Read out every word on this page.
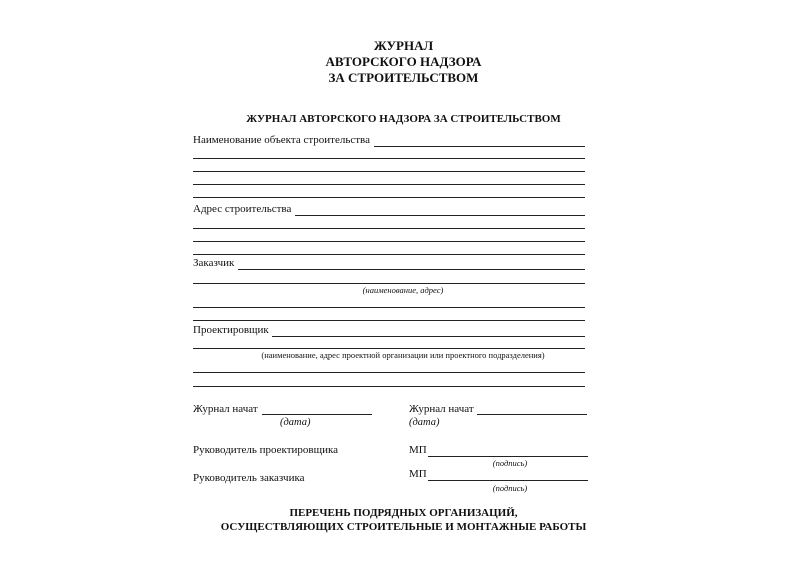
ЖУРНАЛ
АВТОРСКОГО НАДЗОРА
ЗА СТРОИТЕЛЬСТВОМ
ЖУРНАЛ АВТОРСКОГО НАДЗОРА ЗА СТРОИТЕЛЬСТВОМ
Наименование объекта строительства
Адрес строительства
Заказчик
(наименование, адрес)
Проектировщик
(наименование, адрес проектной организации или проектного подразделения)
Журнал начат
(дата)
Журнал начат
(дата)
Руководитель проектировщика	МП
(подпись)
Руководитель заказчика	МП
(подпись)
ПЕРЕЧЕНЬ ПОДРЯДНЫХ ОРГАНИЗАЦИЙ,
ОСУЩЕСТВЛЯЮЩИХ СТРОИТЕЛЬНЫЕ И МОНТАЖНЫЕ РАБОТЫ
